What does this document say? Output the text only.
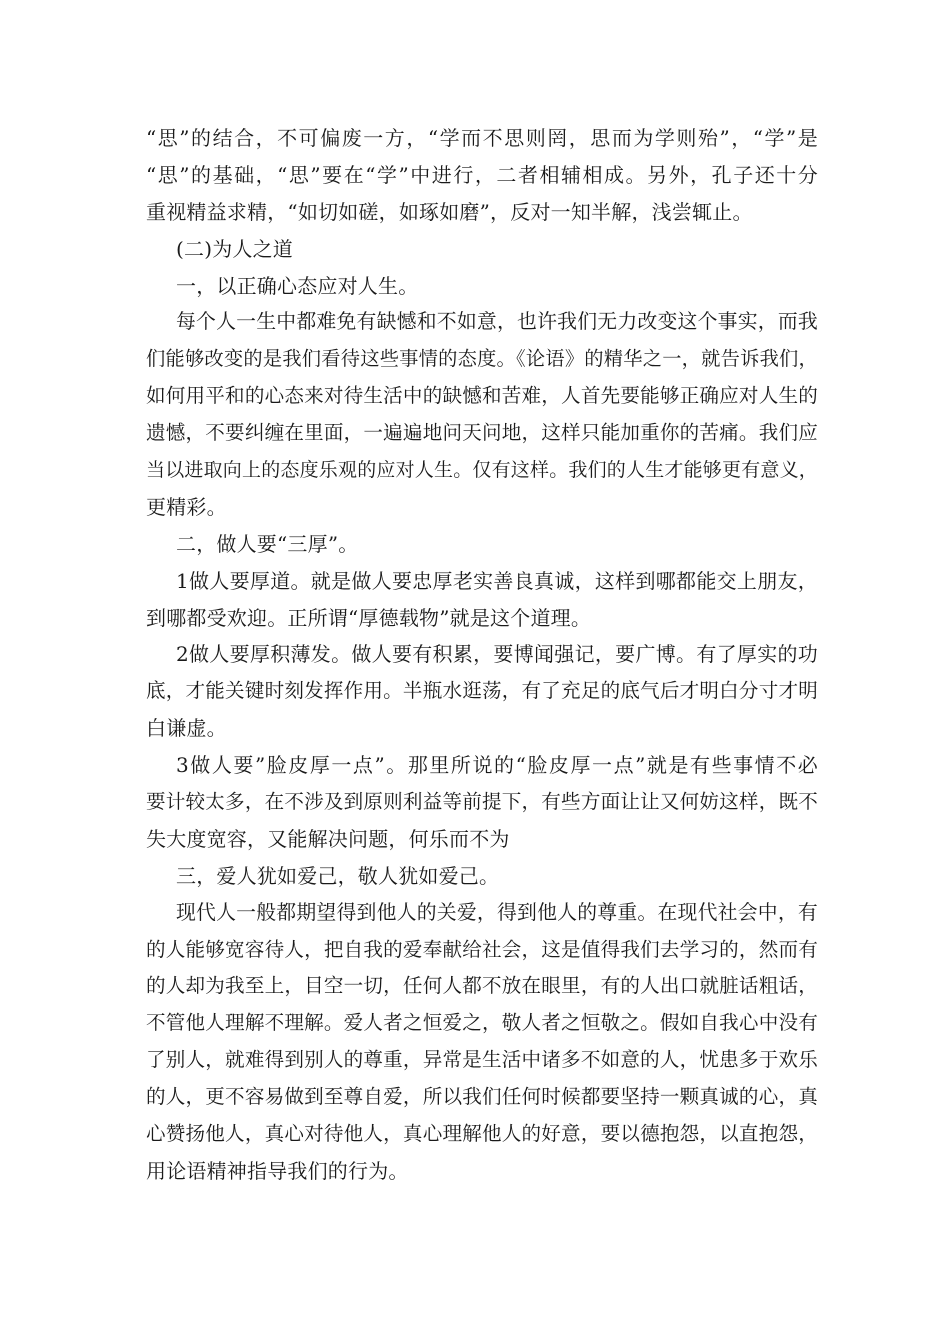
“思”的结合，不可偏废一方，“学而不思则罔，思而为学则殆”，“学”是
“思”的基础，“思”要在“学”中进行，二者相辅相成。另外，孔子还十分
重视精益求精，“如切如磋，如琢如磨”，反对一知半解，浅尝辄止。
(二)为人之道
一，以正确心态应对人生。
每个人一生中都难免有缺憾和不如意，也许我们无力改变这个事实，而我
们能够改变的是我们看待这些事情的态度。《论语》的精华之一，就告诉我们，
如何用平和的心态来对待生活中的缺憾和苦难，人首先要能够正确应对人生的
遗憾，不要纠缠在里面，一遍遍地问天问地，这样只能加重你的苦痛。我们应
当以进取向上的态度乐观的应对人生。仅有这样。我们的人生才能够更有意义，
更精彩。
二，做人要“三厚”。
1做人要厚道。就是做人要忠厚老实善良真诚，这样到哪都能交上朋友，
到哪都受欢迎。正所谓“厚德载物”就是这个道理。
2做人要厚积薄发。做人要有积累，要博闻强记，要广博。有了厚实的功
底，才能关键时刻发挥作用。半瓶水逛荡，有了充足的底气后才明白分寸才明
白谦虚。
3做人要”脸皮厚一点”。那里所说的“脸皮厚一点”就是有些事情不必
要计较太多，在不涉及到原则利益等前提下，有些方面让让又何妨这样，既不
失大度宽容，又能解决问题，何乐而不为
三，爱人犹如爱己，敬人犹如爱己。
现代人一般都期望得到他人的关爱，得到他人的尊重。在现代社会中，有
的人能够宽容待人，把自我的爱奉献给社会，这是值得我们去学习的，然而有
的人却为我至上，目空一切，任何人都不放在眼里，有的人出口就脏话粗话，
不管他人理解不理解。爱人者之恒爱之，敬人者之恒敬之。假如自我心中没有
了别人，就难得到别人的尊重，异常是生活中诸多不如意的人，忧患多于欢乐
的人，更不容易做到至尊自爱，所以我们任何时候都要坚持一颗真诚的心，真
心赞扬他人，真心对待他人，真心理解他人的好意，要以德抱怨，以直抱怨，
用论语精神指导我们的行为。
